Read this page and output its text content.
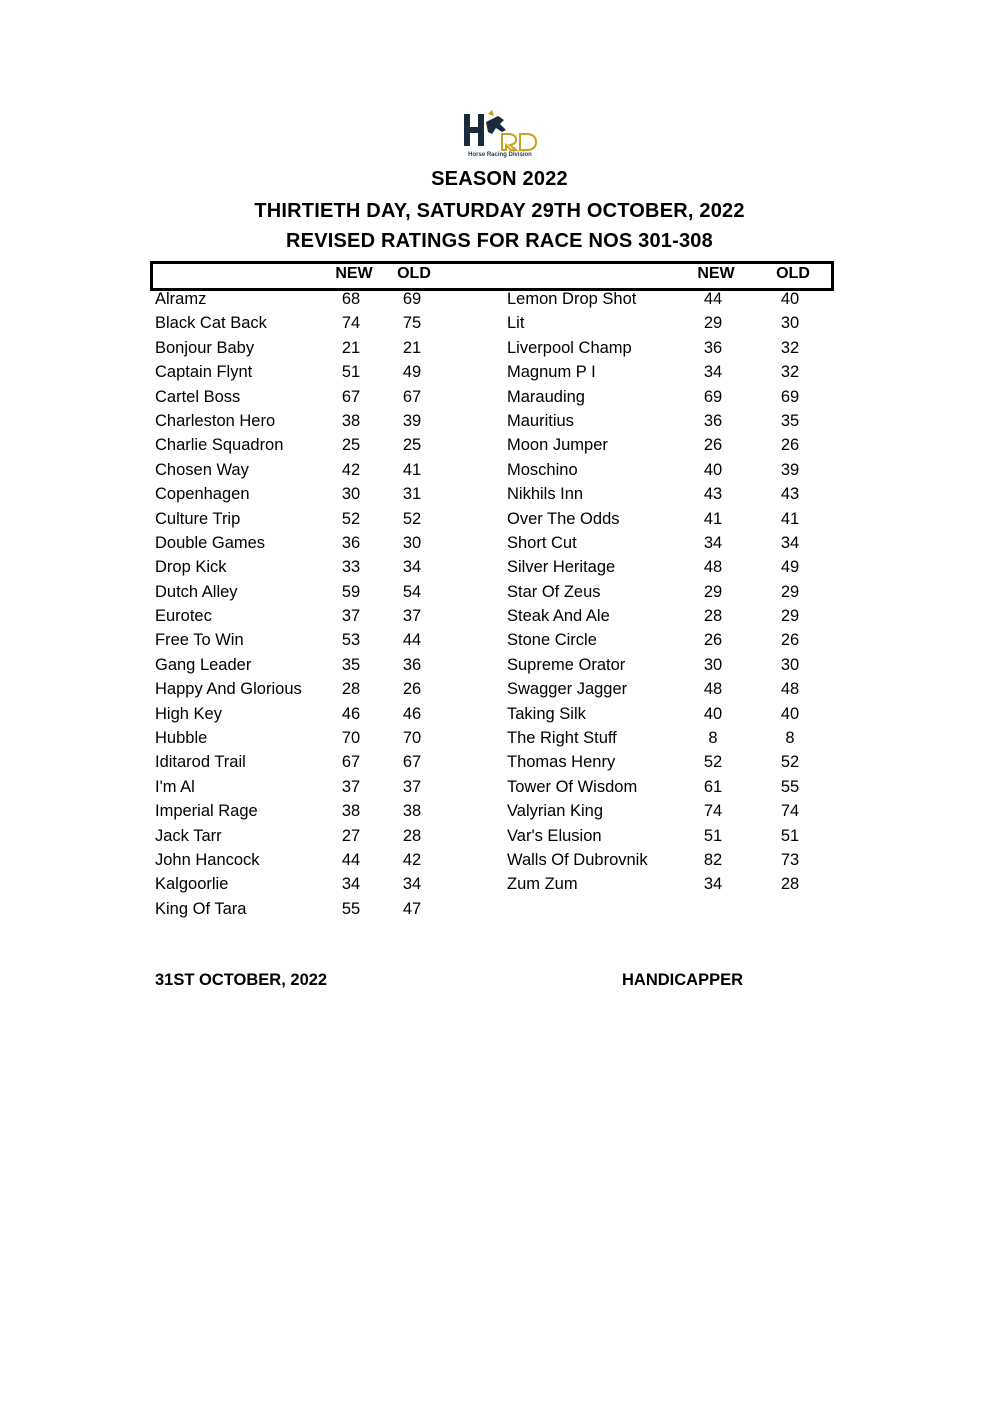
Horse Racing Division
SEASON 2022
THIRTIETH DAY, SATURDAY 29TH OCTOBER, 2022
REVISED RATINGS FOR RACE NOS 301-308
NEW	OLD	NEW	OLD
Alramz	68	69
Black Cat Back	74	75
Bonjour Baby	21	21
Captain Flynt	51	49
Cartel Boss	67	67
Charleston Hero	38	39
Charlie Squadron	25	25
Chosen Way	42	41
Copenhagen	30	31
Culture Trip	52	52
Double Games	36	30
Drop Kick	33	34
Dutch Alley	59	54
Eurotec	37	37
Free To Win	53	44
Gang Leader	35	36
Happy And Glorious	28	26
High Key	46	46
Hubble	70	70
Iditarod Trail	67	67
I'm Al	37	37
Imperial Rage	38	38
Jack Tarr	27	28
John Hancock	44	42
Kalgoorlie	34	34
King Of Tara	55	47
Lemon Drop Shot	44	40
Lit	29	30
Liverpool Champ	36	32
Magnum P I	34	32
Marauding	69	69
Mauritius	36	35
Moon Jumper	26	26
Moschino	40	39
Nikhils Inn	43	43
Over The Odds	41	41
Short Cut	34	34
Silver Heritage	48	49
Star Of Zeus	29	29
Steak And Ale	28	29
Stone Circle	26	26
Supreme Orator	30	30
Swagger Jagger	48	48
Taking Silk	40	40
The Right Stuff	8	8
Thomas Henry	52	52
Tower Of Wisdom	61	55
Valyrian King	74	74
Var's Elusion	51	51
Walls Of Dubrovnik	82	73
Zum Zum	34	28
31ST OCTOBER, 2022	HANDICAPPER
